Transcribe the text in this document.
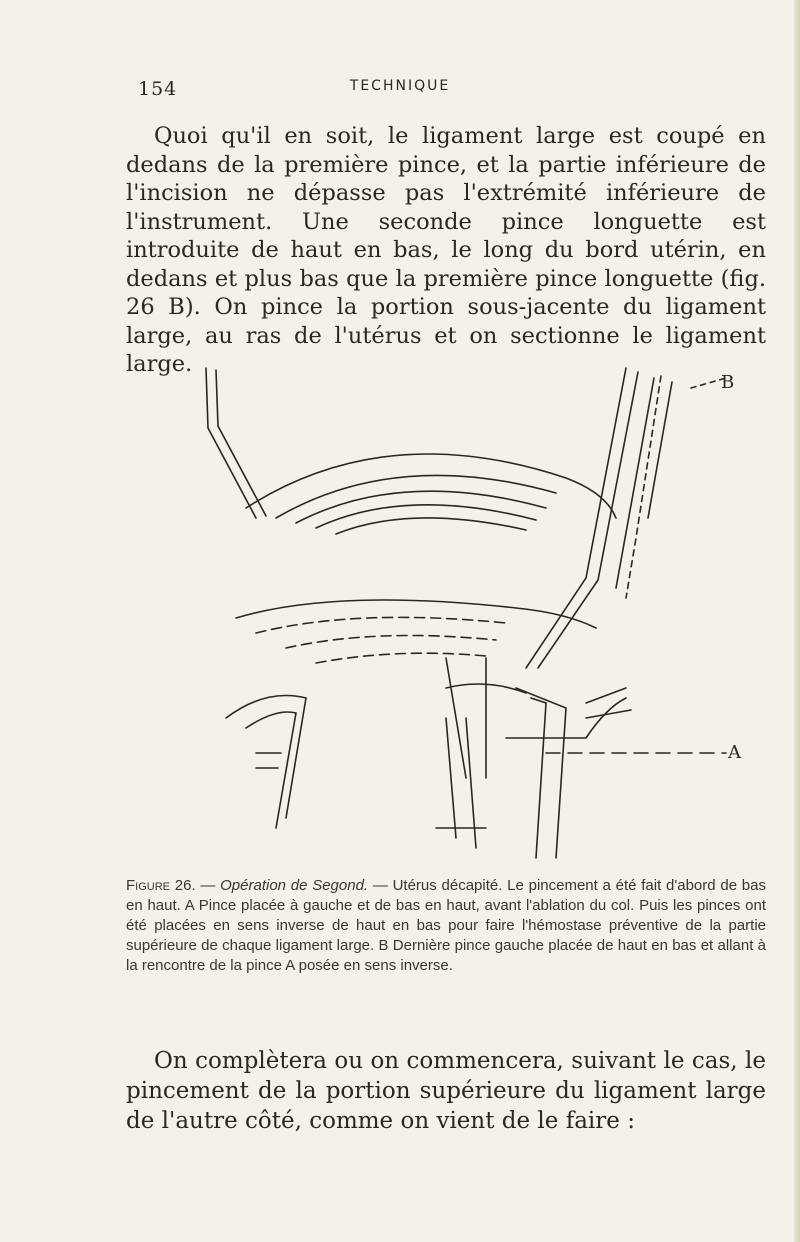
154	TECHNIQUE

Quoi qu'il en soit, le ligament large est coupé en dedans de la première pince, et la partie inférieure de l'incision ne dépasse pas l'extrémité inférieure de l'instrument. Une seconde pince longuette est introduite de haut en bas, le long du bord utérin, en dedans et plus bas que la première pince longuette (fig. 26 B). On pince la portion sous-jacente du ligament large, au ras de l'utérus et on sectionne le ligament large.

B
A

Figure 26. — Opération de Segond. — Utérus décapité. Le pincement a été fait d'abord de bas en haut. A Pince placée à gauche et de bas en haut, avant l'ablation du col. Puis les pinces ont été placées en sens inverse de haut en bas pour faire l'hémostase préventive de la partie supérieure de chaque ligament large. B Dernière pince gauche placée de haut en bas et allant à la rencontre de la pince A posée en sens inverse.

On complètera ou on commencera, suivant le cas, le pincement de la portion supérieure du ligament large de l'autre côté, comme on vient de le faire :
